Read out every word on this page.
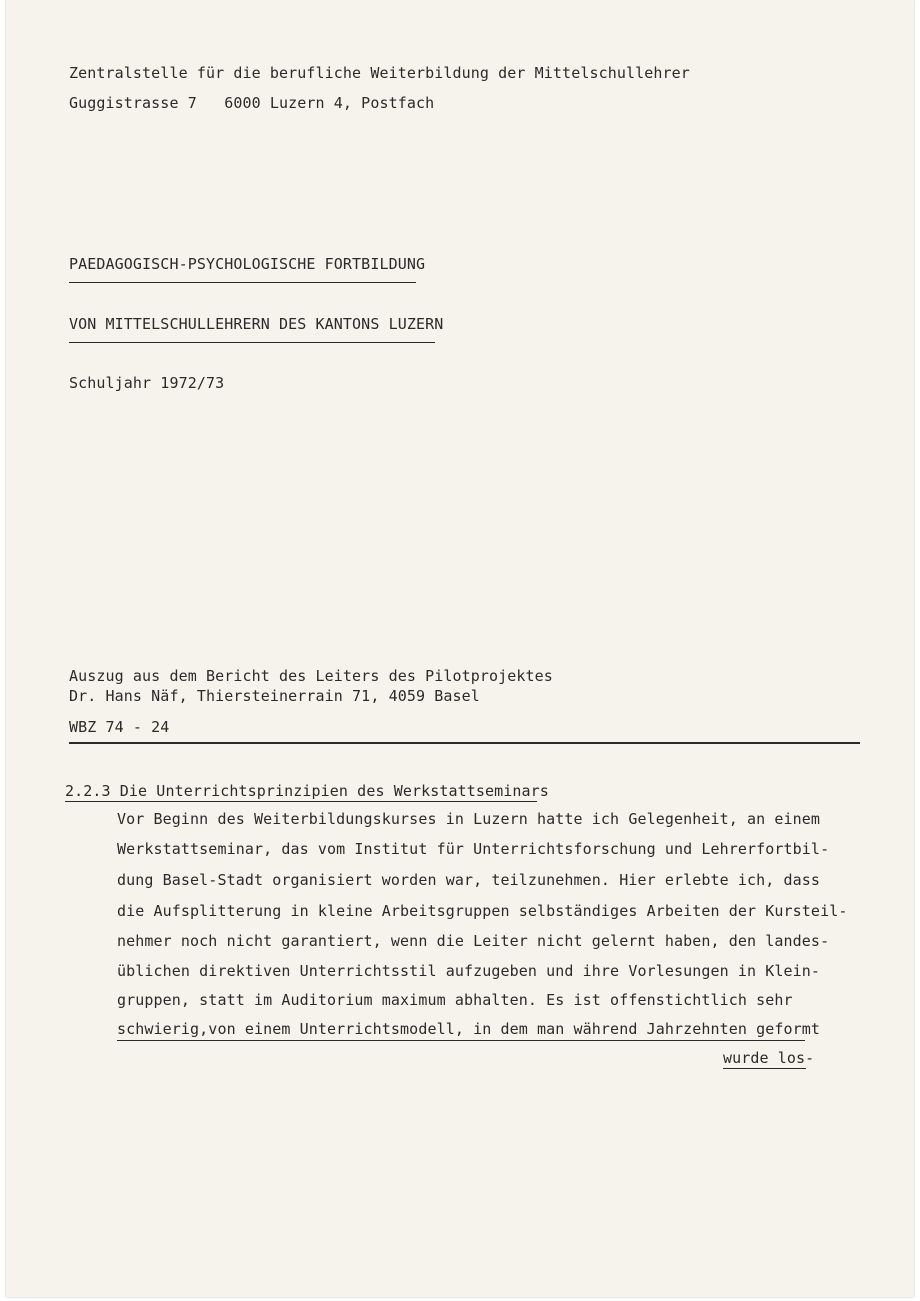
Zentralstelle für die berufliche Weiterbildung der Mittelschullehrer
Guggistrasse 7   6000 Luzern 4, Postfach
PAEDAGOGISCH-PSYCHOLOGISCHE FORTBILDUNG
VON MITTELSCHULLEHRERN DES KANTONS LUZERN
Schuljahr 1972/73
Auszug aus dem Bericht des Leiters des Pilotprojektes
Dr. Hans Näf, Thiersteinerrain 71, 4059 Basel
WBZ 74 - 24
2.2.3 Die Unterrichtsprinzipien des Werkstattseminars
Vor Beginn des Weiterbildungskurses in Luzern hatte ich Gelegenheit, an einem
Werkstattseminar, das vom Institut für Unterrichtsforschung und Lehrerfortbil-
dung Basel-Stadt organisiert worden war, teilzunehmen. Hier erlebte ich, dass
die Aufsplitterung in kleine Arbeitsgruppen selbständiges Arbeiten der Kursteil-
nehmer noch nicht garantiert, wenn die Leiter nicht gelernt haben, den landes-
üblichen direktiven Unterrichtsstil aufzugeben und ihre Vorlesungen in Klein-
gruppen, statt im Auditorium maximum abhalten. Es ist offenstichtlich sehr
schwierig,von einem Unterrichtsmodell, in dem man während Jahrzehnten geformt
wurde los-
